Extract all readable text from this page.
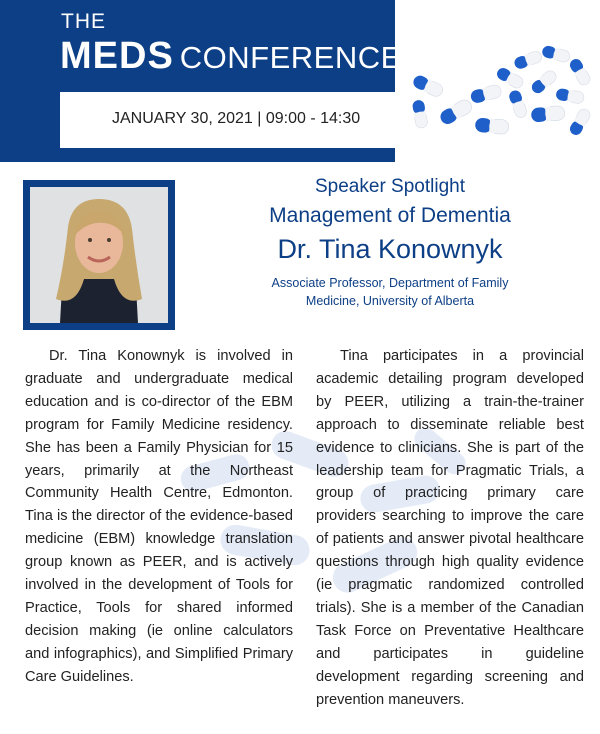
THE
MEDS CONFERENCE
JANUARY 30, 2021 | 09:00 - 14:30
Speaker Spotlight
Management of Dementia
Dr. Tina Konownyk
Associate Professor, Department of Family
Medicine, University of Alberta

Dr. Tina Konownyk is involved in graduate and undergraduate medical education and is co-director of the EBM program for Family Medicine residency. She has been a Family Physician for 15 years, primarily at the Northeast Community Health Centre, Edmonton. Tina is the director of the evidence-based medicine (EBM) knowledge translation group known as PEER, and is actively involved in the development of Tools for Practice, Tools for shared informed decision making (ie online calculators and infographics), and Simplified Primary Care Guidelines.

Tina participates in a provincial academic detailing program developed by PEER, utilizing a train-the-trainer approach to disseminate reliable best evidence to clinicians. She is part of the leadership team for Pragmatic Trials, a group of practicing primary care providers searching to improve the care of patients and answer pivotal healthcare questions through high quality evidence (ie pragmatic randomized controlled trials). She is a member of the Canadian Task Force on Preventative Healthcare and participates in guideline development regarding screening and prevention maneuvers.
